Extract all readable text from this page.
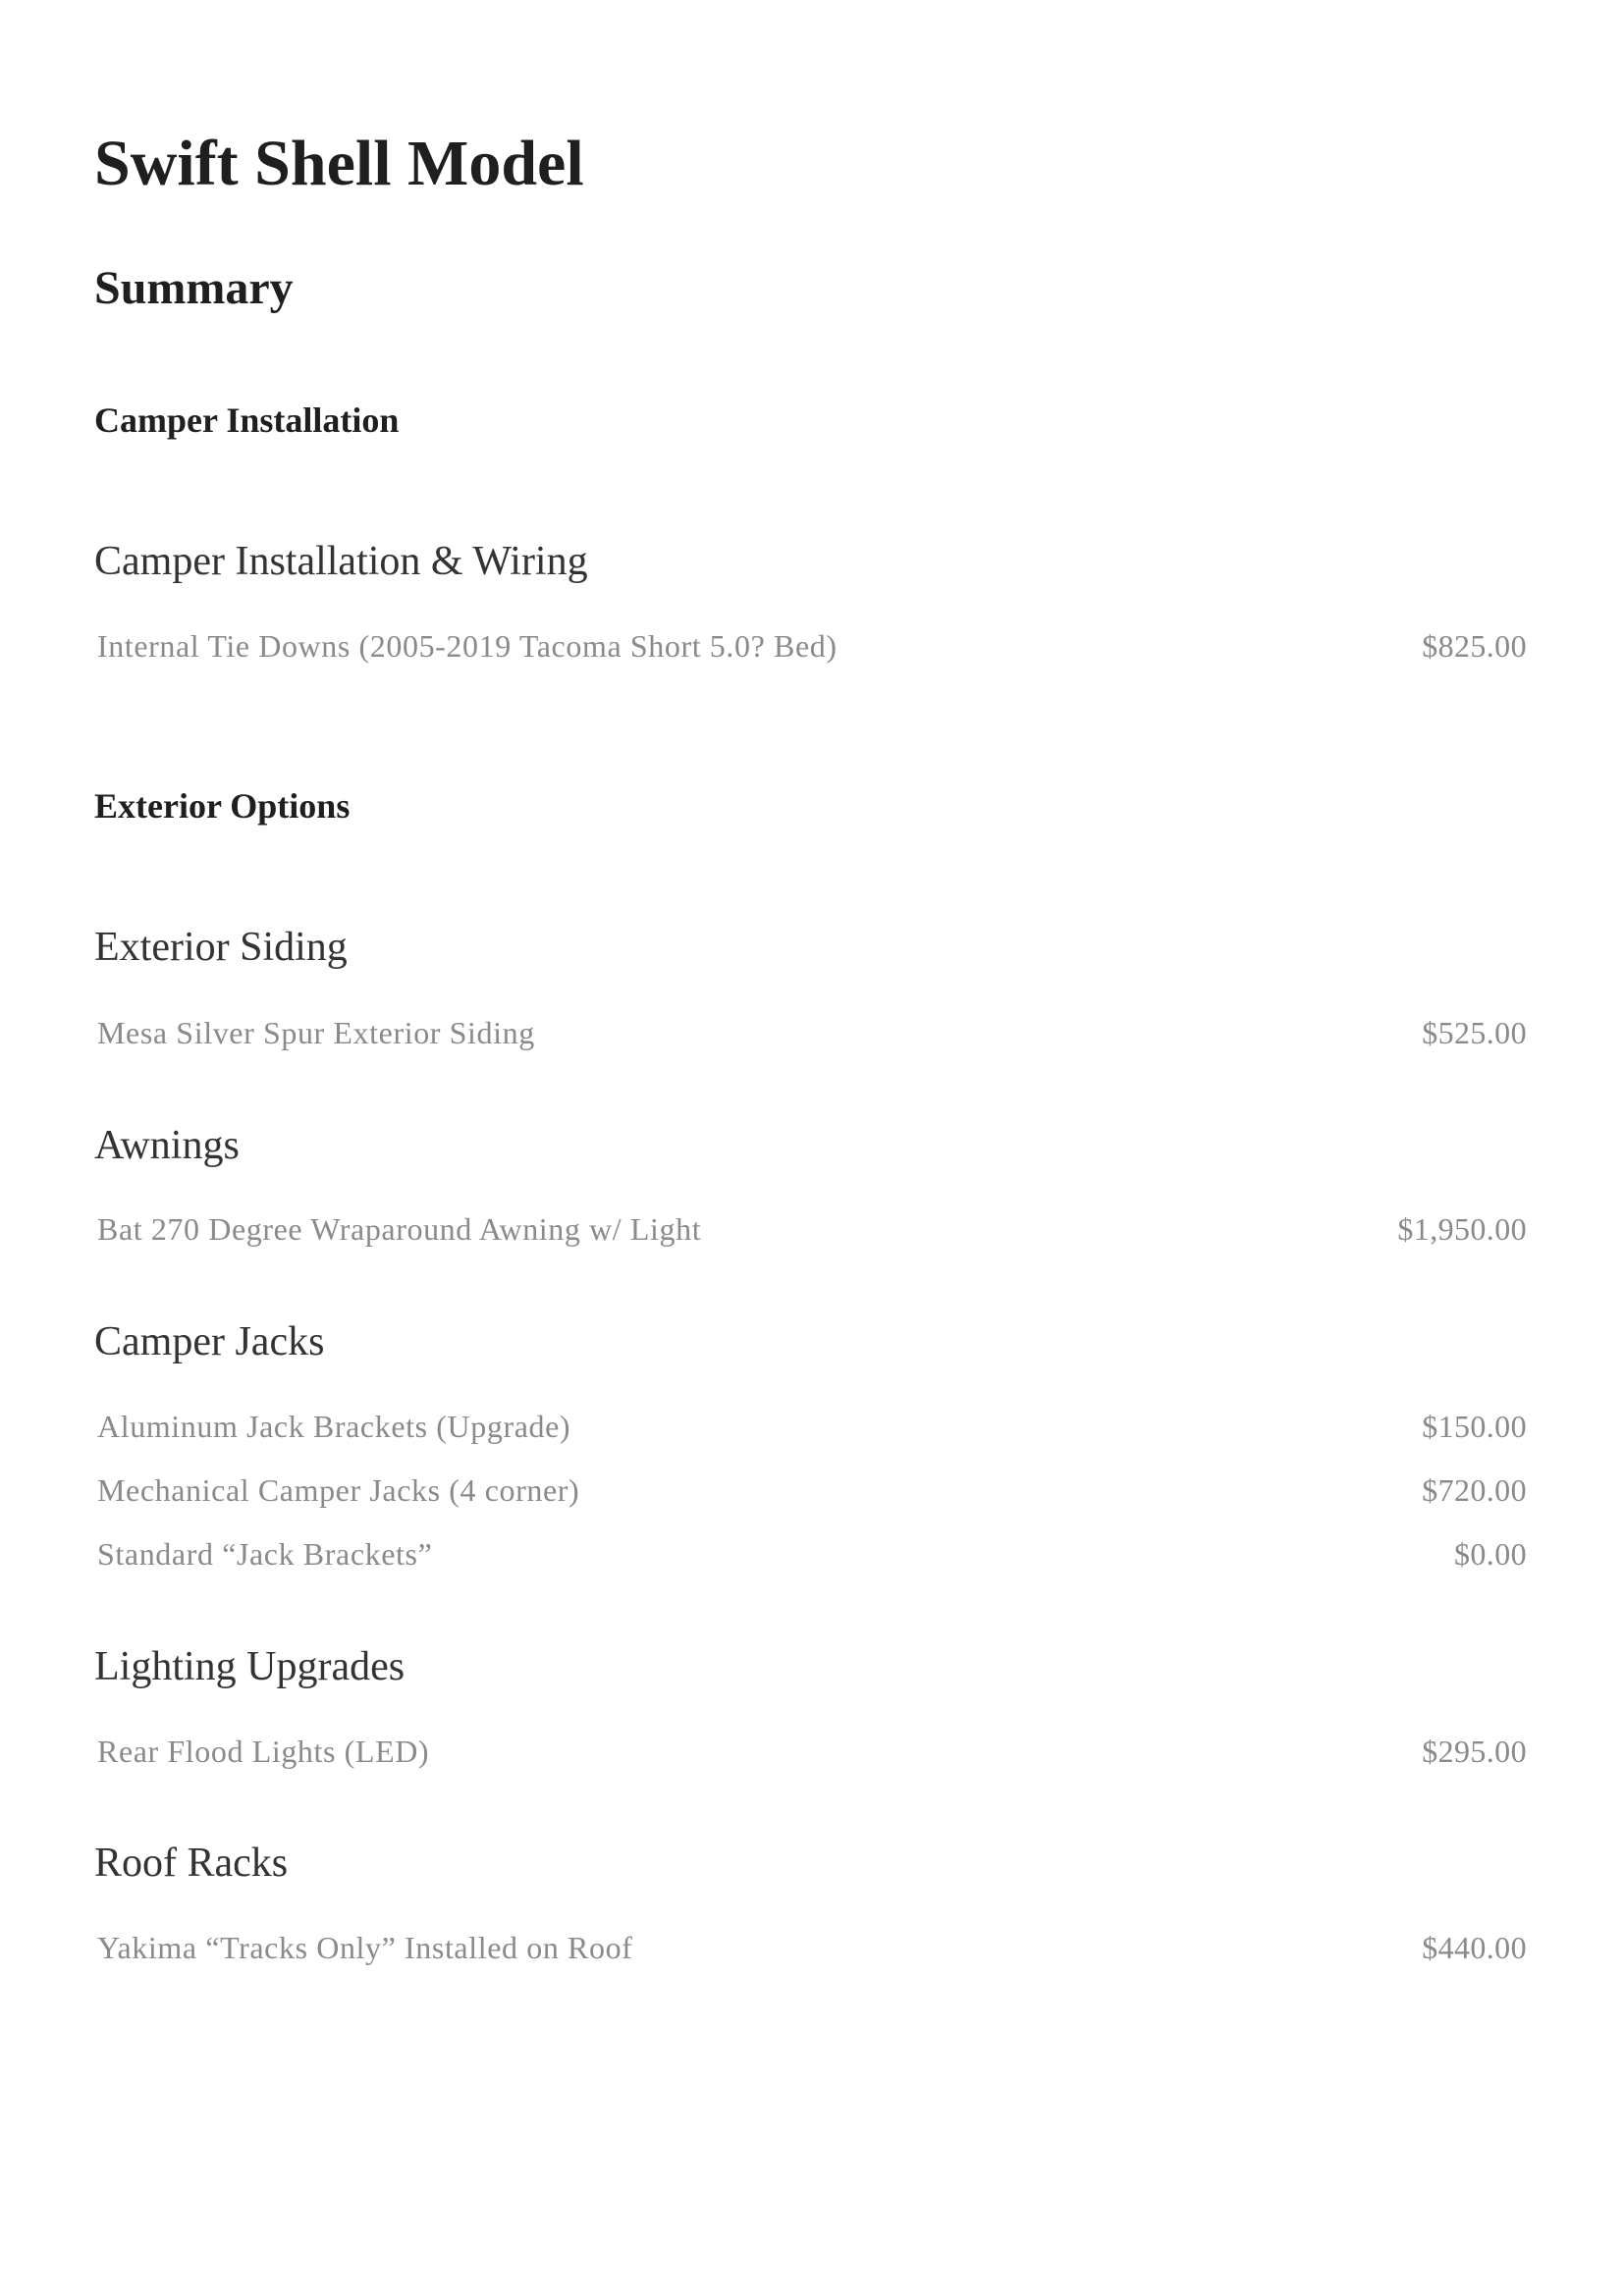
Swift Shell Model
Summary
Camper Installation
Camper Installation & Wiring
Internal Tie Downs (2005-2019 Tacoma Short 5.0? Bed)	$825.00
Exterior Options
Exterior Siding
Mesa Silver Spur Exterior Siding	$525.00
Awnings
Bat 270 Degree Wraparound Awning w/ Light	$1,950.00
Camper Jacks
Aluminum Jack Brackets (Upgrade)	$150.00
Mechanical Camper Jacks (4 corner)	$720.00
Standard “Jack Brackets”	$0.00
Lighting Upgrades
Rear Flood Lights (LED)	$295.00
Roof Racks
Yakima “Tracks Only” Installed on Roof	$440.00
